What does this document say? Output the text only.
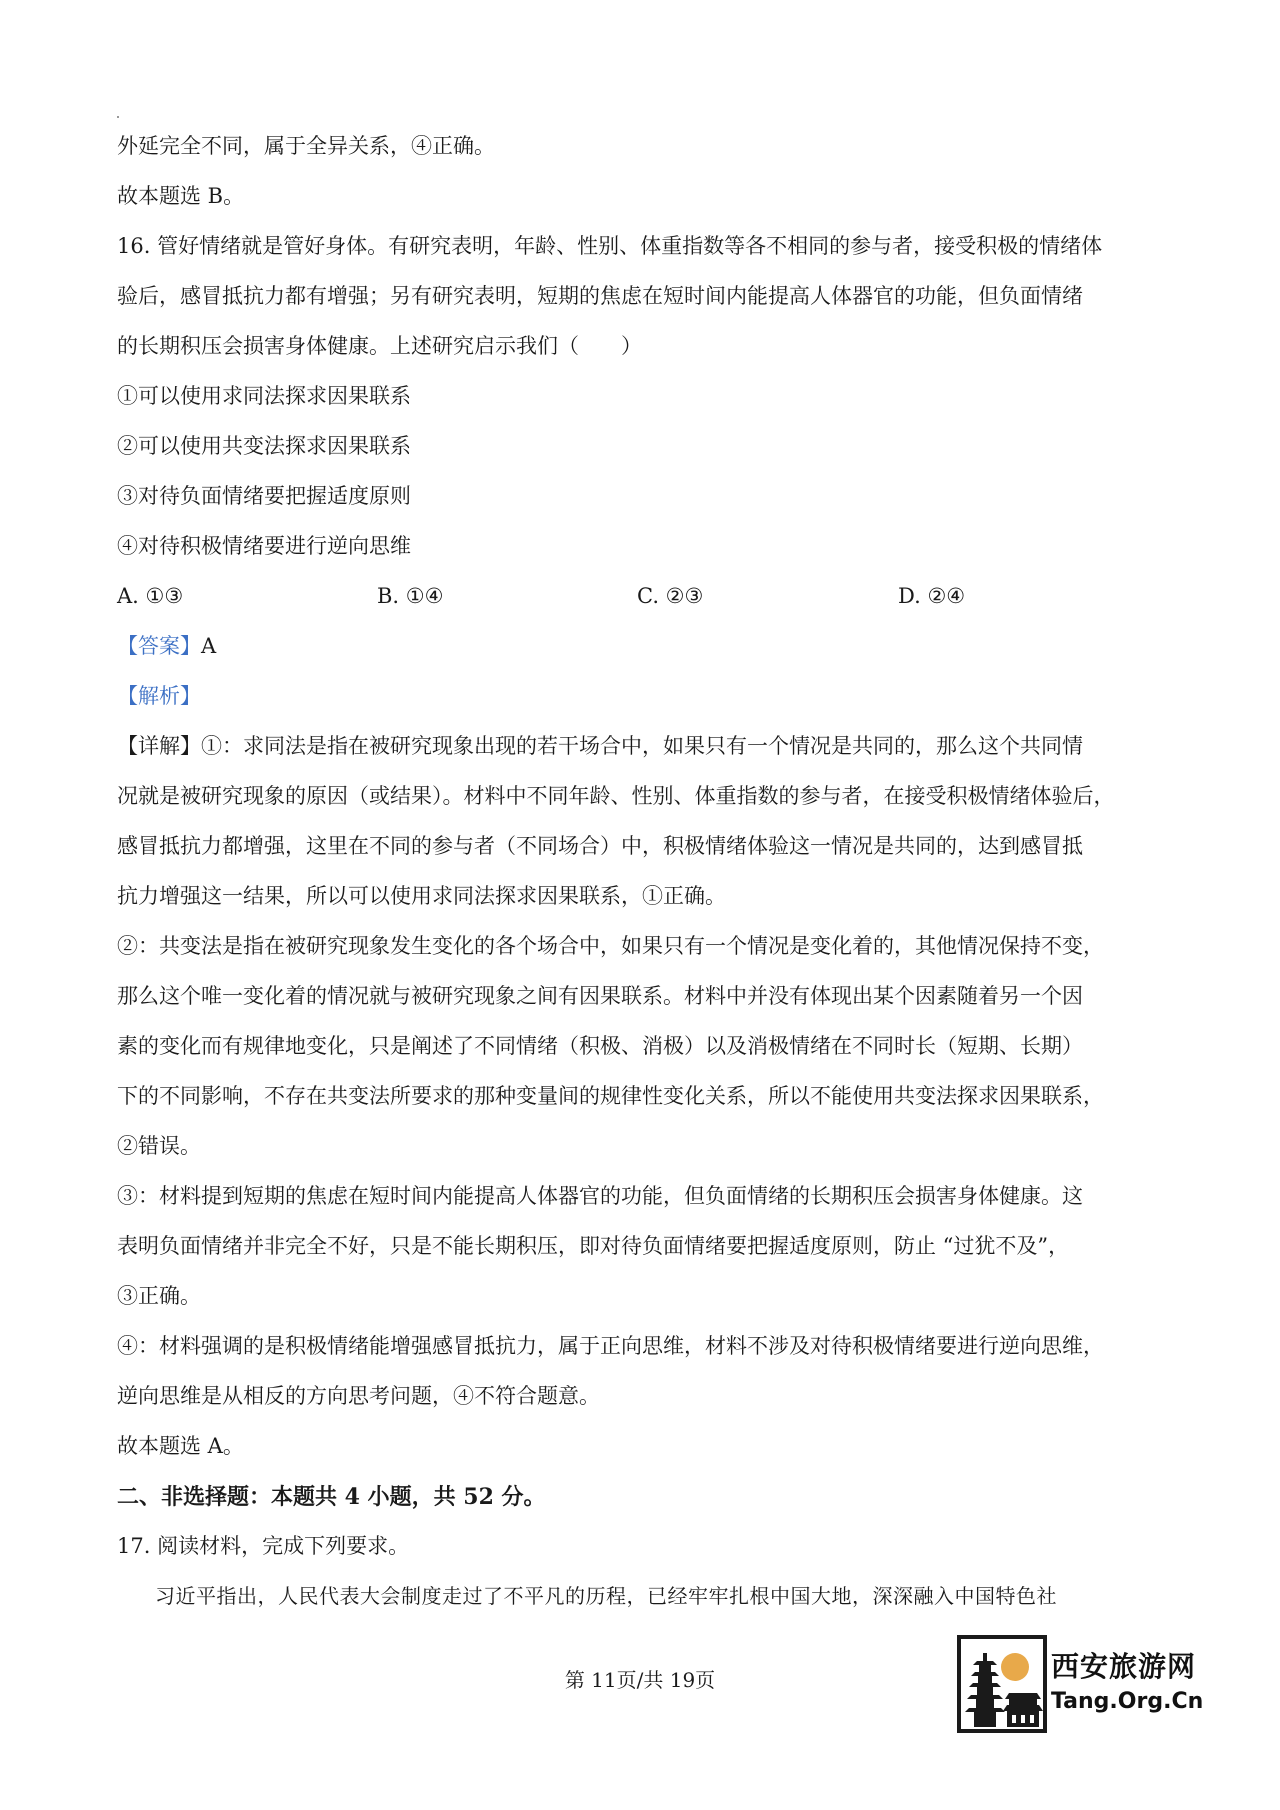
外延完全不同，属于全异关系，④正确。
故本题选 B。
16. 管好情绪就是管好身体。有研究表明，年龄、性别、体重指数等各不相同的参与者，接受积极的情绪体
验后，感冒抵抗力都有增强；另有研究表明，短期的焦虑在短时间内能提高人体器官的功能，但负面情绪
的长期积压会损害身体健康。上述研究启示我们（　　）
①可以使用求同法探求因果联系
②可以使用共变法探求因果联系
③对待负面情绪要把握适度原则
④对待积极情绪要进行逆向思维
A. ①③	B. ①④	C. ②③	D. ②④
【答案】A
【解析】
【详解】①：求同法是指在被研究现象出现的若干场合中，如果只有一个情况是共同的，那么这个共同情
况就是被研究现象的原因（或结果）。材料中不同年龄、性别、体重指数的参与者，在接受积极情绪体验后，
感冒抵抗力都增强，这里在不同的参与者（不同场合）中，积极情绪体验这一情况是共同的，达到感冒抵
抗力增强这一结果，所以可以使用求同法探求因果联系，①正确。
②：共变法是指在被研究现象发生变化的各个场合中，如果只有一个情况是变化着的，其他情况保持不变，
那么这个唯一变化着的情况就与被研究现象之间有因果联系。材料中并没有体现出某个因素随着另一个因
素的变化而有规律地变化，只是阐述了不同情绪（积极、消极）以及消极情绪在不同时长（短期、长期）
下的不同影响，不存在共变法所要求的那种变量间的规律性变化关系，所以不能使用共变法探求因果联系，
②错误。
③：材料提到短期的焦虑在短时间内能提高人体器官的功能，但负面情绪的长期积压会损害身体健康。这
表明负面情绪并非完全不好，只是不能长期积压，即对待负面情绪要把握适度原则，防止 “过犹不及”，
③正确。
④：材料强调的是积极情绪能增强感冒抵抗力，属于正向思维，材料不涉及对待积极情绪要进行逆向思维，
逆向思维是从相反的方向思考问题，④不符合题意。
故本题选 A。
二、非选择题：本题共 4 小题，共 52 分。
17. 阅读材料，完成下列要求。
习近平指出，人民代表大会制度走过了不平凡的历程，已经牢牢扎根中国大地，深深融入中国特色社
第 11页/共 19页	西安旅游网
Tang.Org.Cn
